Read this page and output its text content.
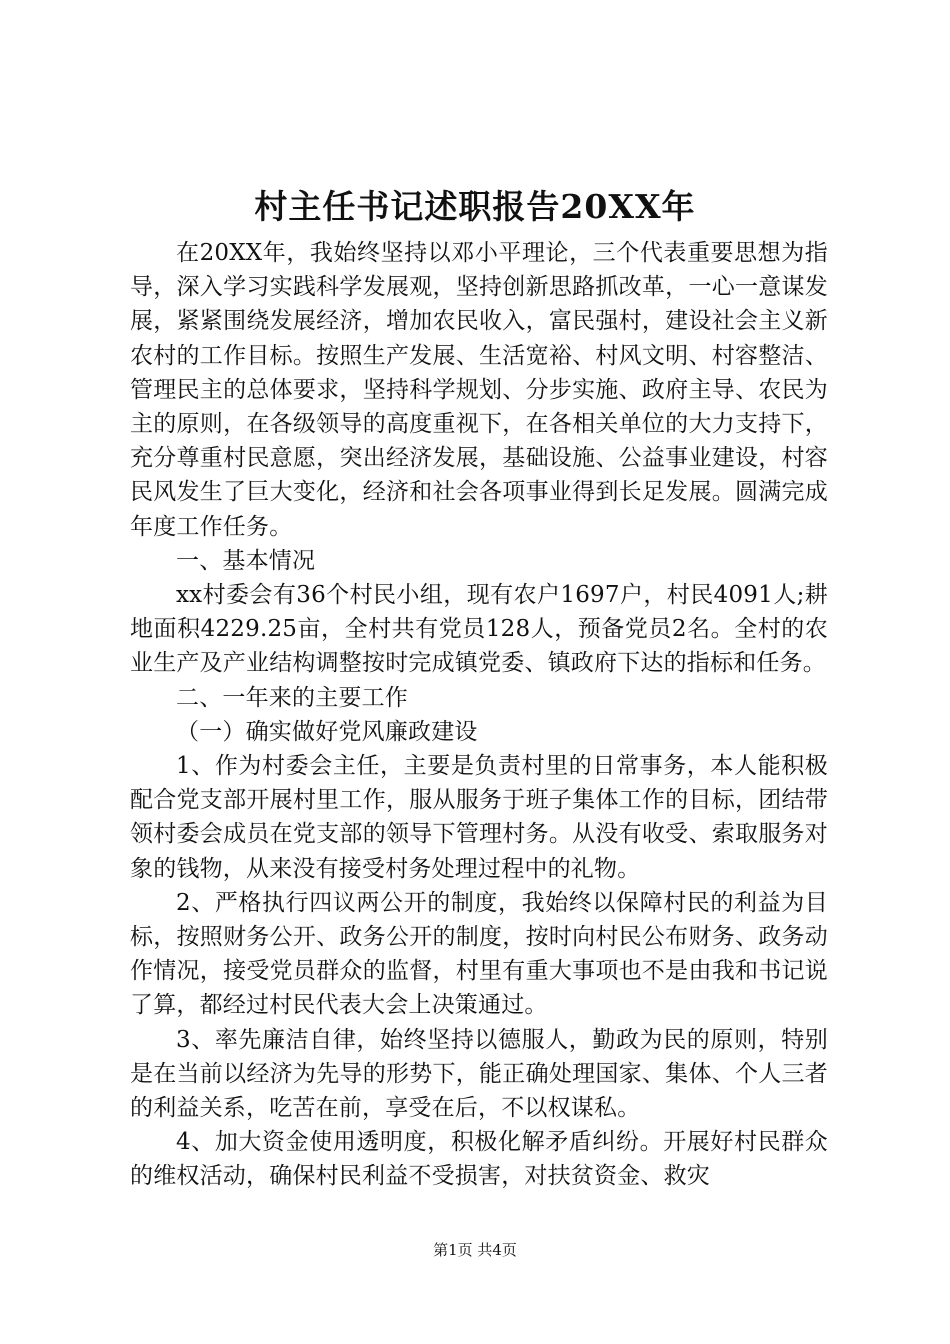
村主任书记述职报告20XX年

在20XX年，我始终坚持以邓小平理论，三个代表重要思想为指导，深入学习实践科学发展观，坚持创新思路抓改革，一心一意谋发展，紧紧围绕发展经济，增加农民收入，富民强村，建设社会主义新农村的工作目标。按照生产发展、生活宽裕、村风文明、村容整洁、管理民主的总体要求，坚持科学规划、分步实施、政府主导、农民为主的原则，在各级领导的高度重视下，在各相关单位的大力支持下，充分尊重村民意愿，突出经济发展，基础设施、公益事业建设，村容民风发生了巨大变化，经济和社会各项事业得到长足发展。圆满完成年度工作任务。

一、基本情况

xx村委会有36个村民小组，现有农户1697户，村民4091人;耕地面积4229.25亩，全村共有党员128人，预备党员2名。全村的农业生产及产业结构调整按时完成镇党委、镇政府下达的指标和任务。

二、一年来的主要工作

（一）确实做好党风廉政建设

1、作为村委会主任，主要是负责村里的日常事务，本人能积极配合党支部开展村里工作，服从服务于班子集体工作的目标，团结带领村委会成员在党支部的领导下管理村务。从没有收受、索取服务对象的钱物，从来没有接受村务处理过程中的礼物。

2、严格执行四议两公开的制度，我始终以保障村民的利益为目标，按照财务公开、政务公开的制度，按时向村民公布财务、政务动作情况，接受党员群众的监督，村里有重大事项也不是由我和书记说了算，都经过村民代表大会上决策通过。

3、率先廉洁自律，始终坚持以德服人，勤政为民的原则，特别是在当前以经济为先导的形势下，能正确处理国家、集体、个人三者的利益关系，吃苦在前，享受在后，不以权谋私。

4、加大资金使用透明度，积极化解矛盾纠纷。开展好村民群众的维权活动，确保村民利益不受损害，对扶贫资金、救灾

第1页 共4页
